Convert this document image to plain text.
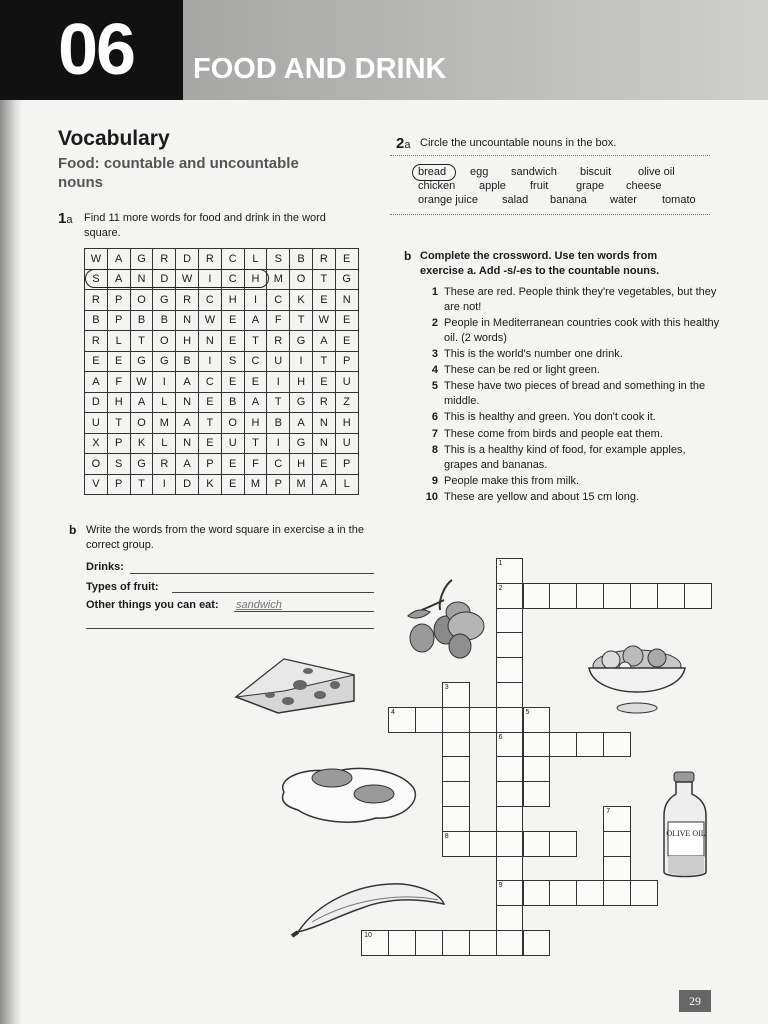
06 FOOD AND DRINK
Vocabulary
Food: countable and uncountable nouns
1a Find 11 more words for food and drink in the word square.
W	A	G	R	D	R	C	L	S	B	R	E
S	A	N	D	W	I	C	H	M	O	T	G
R	P	O	G	R	C	H	I	C	K	E	N
B	P	B	B	N	W	E	A	F	T	W	E
R	L	T	O	H	N	E	T	R	G	A	E
E	E	G	G	B	I	S	C	U	I	T	P
A	F	W	I	A	C	E	E	I	H	E	U
D	H	A	L	N	E	B	A	T	G	R	Z
U	T	O	M	A	T	O	H	B	A	N	H
X	P	K	L	N	E	U	T	I	G	N	U
O	S	G	R	A	P	E	F	C	H	E	P
V	P	T	I	D	K	E	M	P	M	A	L
b Write the words from the word square in exercise a in the correct group.
Drinks:
Types of fruit:
Other things you can eat: sandwich
2a Circle the uncountable nouns in the box.
bread egg sandwich biscuit olive oil
chicken apple fruit	grape cheese
orange juice salad banana water tomato
b Complete the crossword. Use ten words from exercise a. Add -s/-es to the countable nouns.
1 These are red. People think they're vegetables, but they are not!
2 People in Mediterranean countries cook with this healthy oil. (2 words)
3 This is the world's number one drink.
4 These can be red or light green.
5 These have two pieces of bread and something in the middle.
6 This is healthy and green. You don't cook it.
7 These come from birds and people eat them.
8 This is a healthy kind of food, for example apples, grapes and bananas.
9 People make this from milk.
10 These are yellow and about 15 cm long.
1
2
3
4	5
6
7
8
9
10
OLIVE OIL
29
